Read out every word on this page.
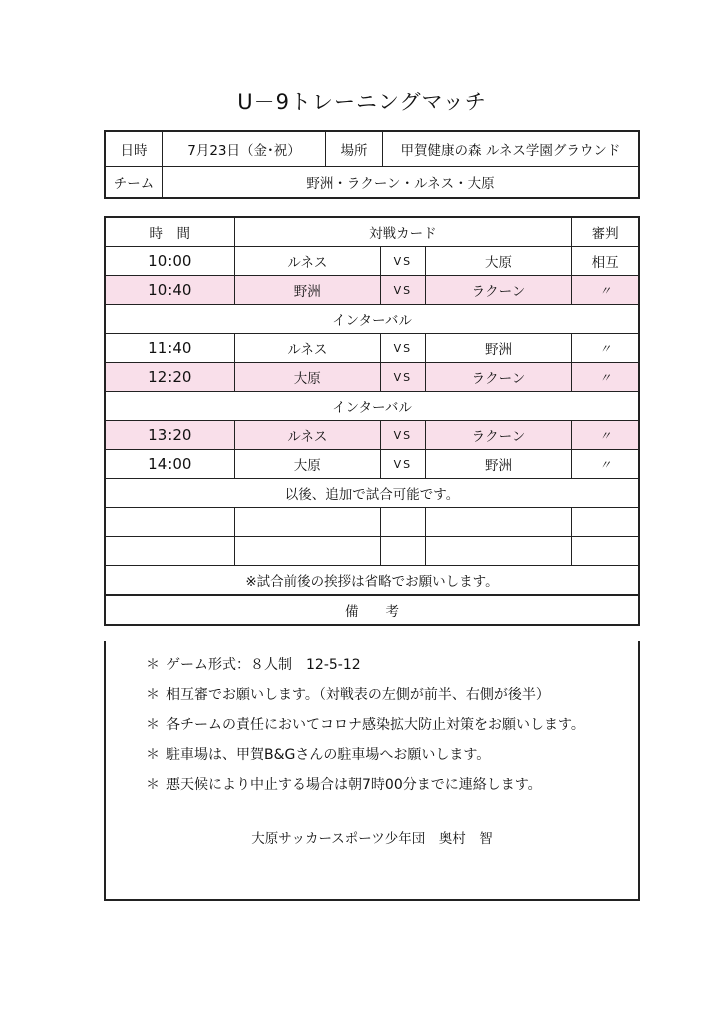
U－9トレーニングマッチ
日時	7月23日（金･祝）	場所	甲賀健康の森 ルネス学園グラウンド
チーム	野洲・ラクーン・ルネス・大原		
時　間	対戦カード			審判
10:00	ルネス	VS	大原	相互
10:40	野洲	VS	ラクーン	〃
インターバル				
11:40	ルネス	VS	野洲	〃
12:20	大原	VS	ラクーン	〃
インターバル				
13:20	ルネス	VS	ラクーン	〃
14:00	大原	VS	野洲	〃
以後、追加で試合可能です。				

※試合前後の挨拶は省略でお願いします。				
備　　考				
＊ ゲーム形式：８人制　12-5-12
＊ 相互審でお願いします。（対戦表の左側が前半、右側が後半）
＊ 各チームの責任においてコロナ感染拡大防止対策をお願いします。
＊ 駐車場は、甲賀B&Gさんの駐車場へお願いします。
＊ 悪天候により中止する場合は朝7時00分までに連絡します。
大原サッカースポーツ少年団　奥村　智
